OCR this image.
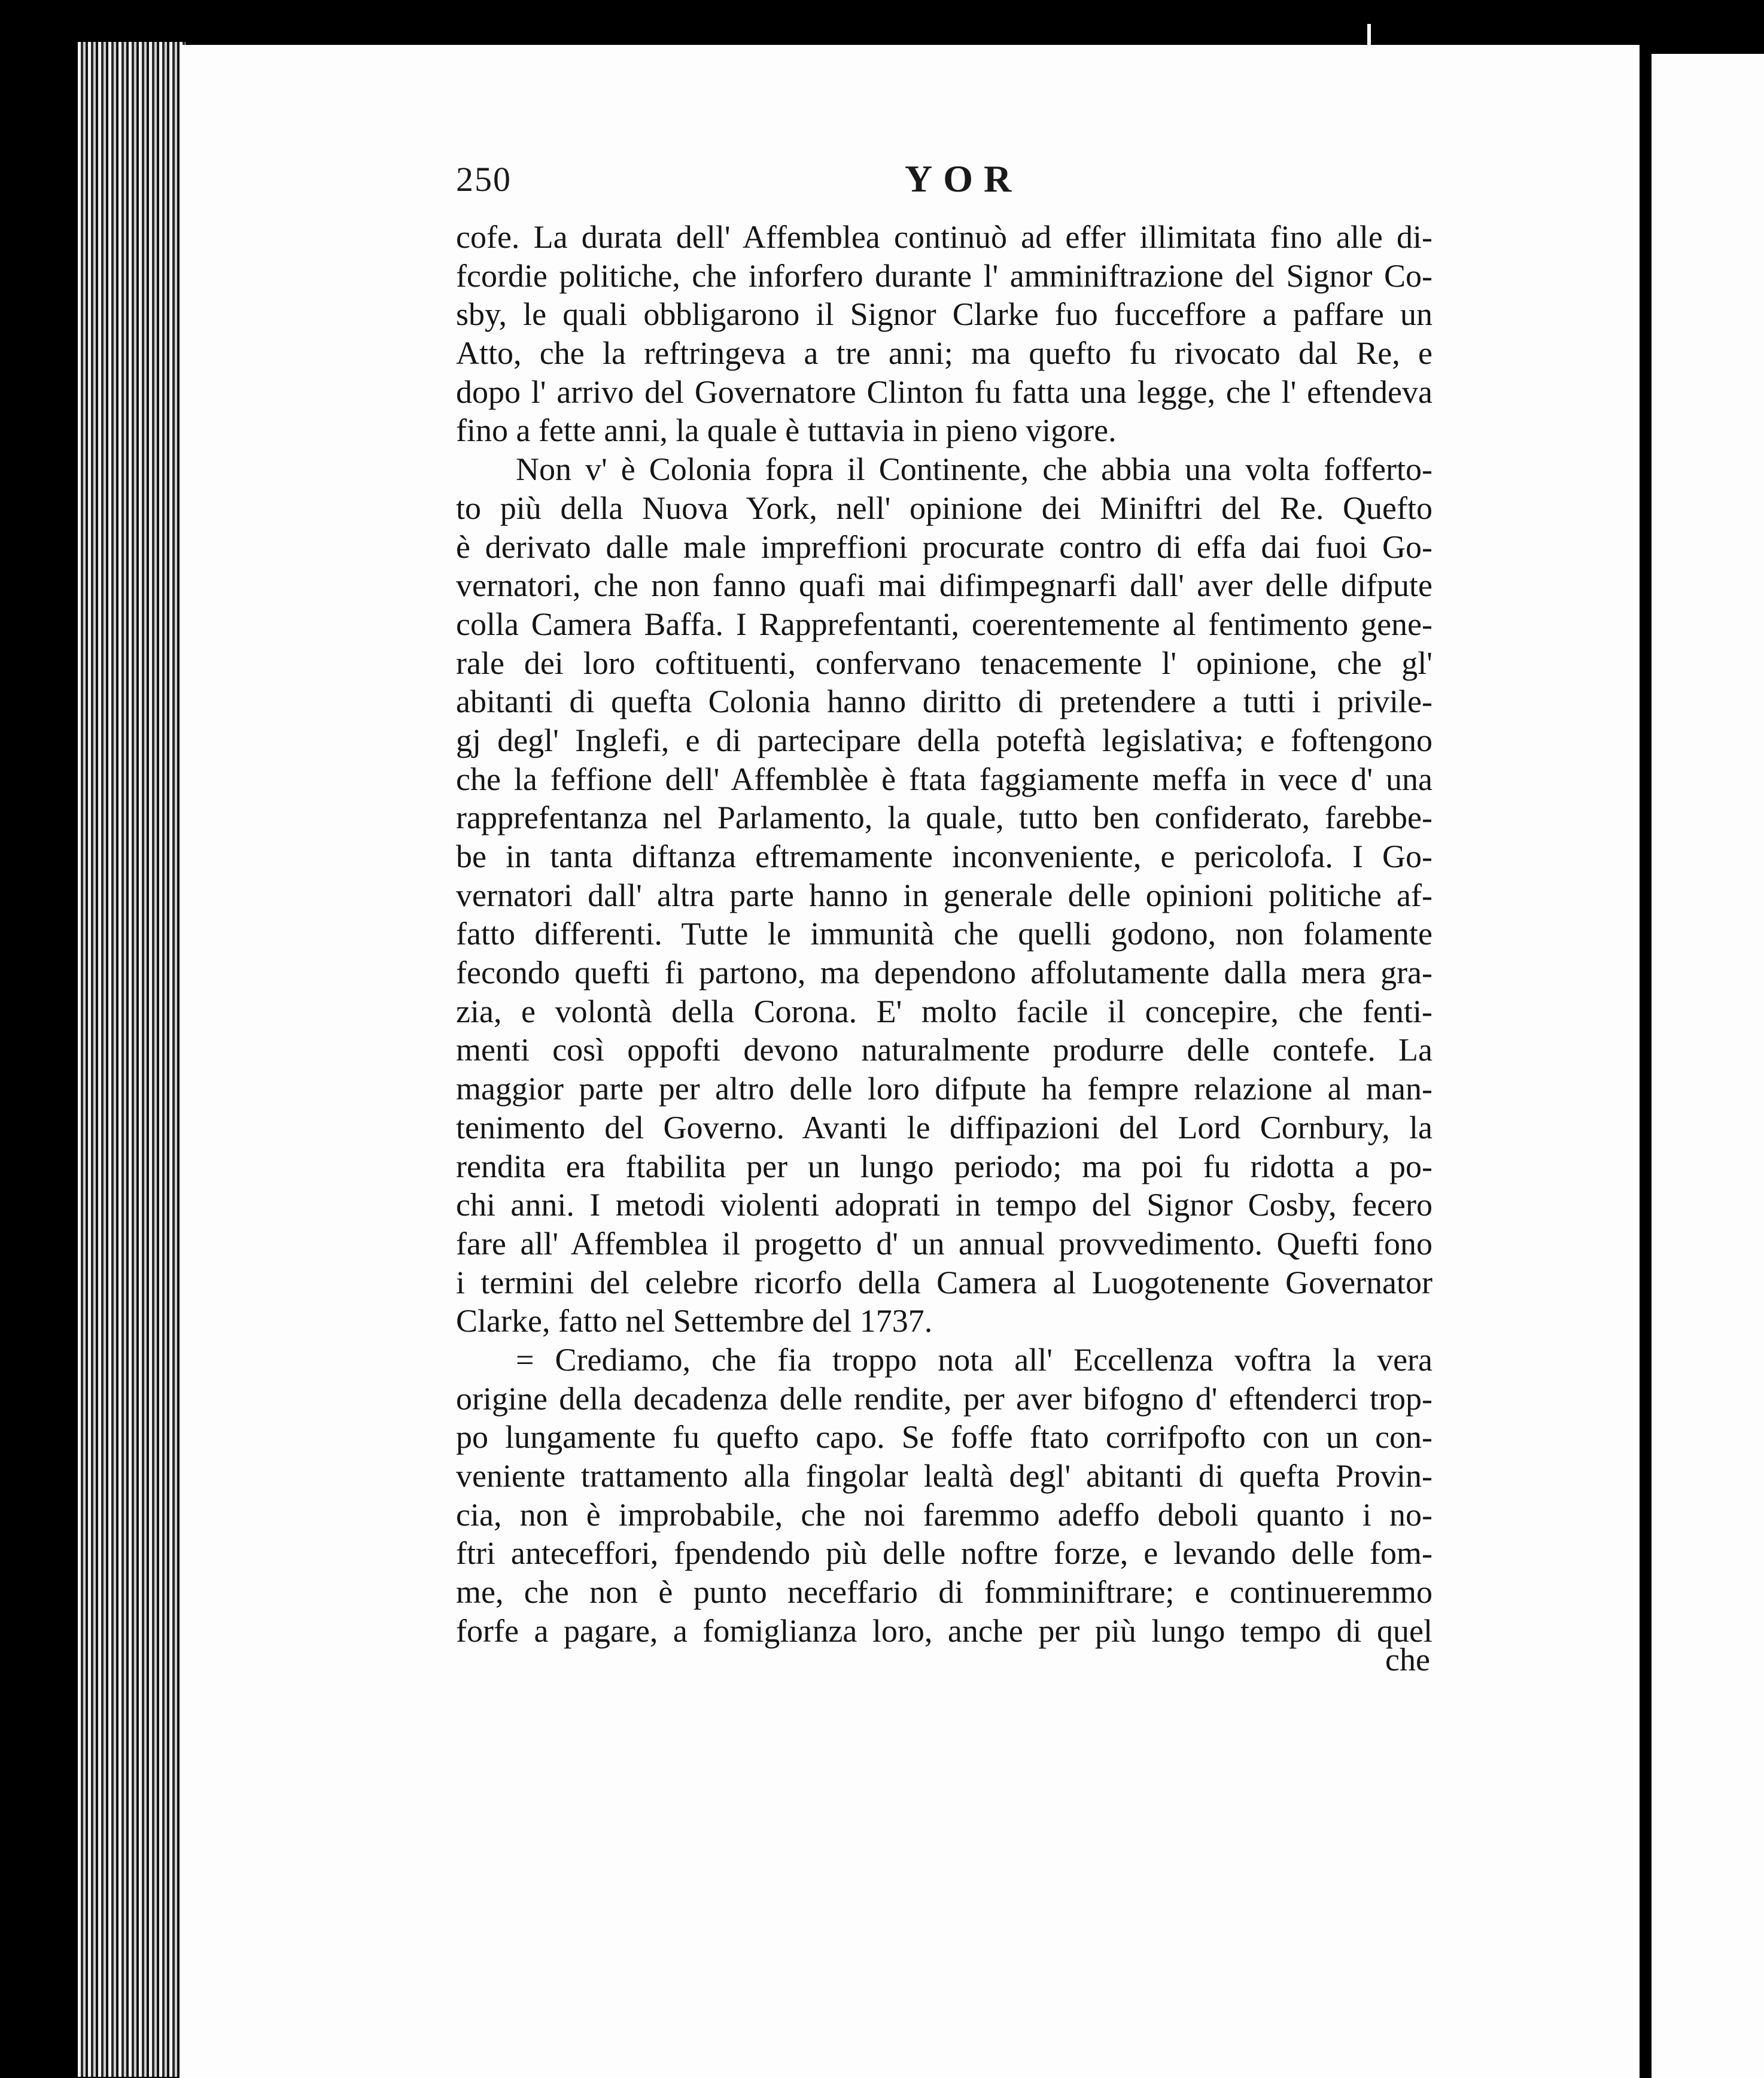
250	YOR
cofe. La durata dell' Affemblea continuò ad effer illimitata fino alle di-
fcordie politiche, che inforfero durante l' amminiftrazione del Signor Co-
sby, le quali obbligarono il Signor Clarke fuo fucceffore a paffare un
Atto, che la reftringeva a tre anni; ma quefto fu rivocato dal Re, e
dopo l' arrivo del Governatore Clinton fu fatta una legge, che l' eftendeva
fino a fette anni, la quale è tuttavia in pieno vigore.
Non v' è Colonia fopra il Continente, che abbia una volta fofferto-
to più della Nuova York, nell' opinione dei Miniftri del Re. Quefto
è derivato dalle male impreffioni procurate contro di effa dai fuoi Go-
vernatori, che non fanno quafi mai difimpegnarfi dall' aver delle difpute
colla Camera Baffa. I Rapprefentanti, coerentemente al fentimento gene-
rale dei loro coftituenti, confervano tenacemente l' opinione, che gl'
abitanti di quefta Colonia hanno diritto di pretendere a tutti i privile-
gj degl' Inglefi, e di partecipare della poteftà legislativa; e foftengono
che la feffione dell' Affemblèe è ftata faggiamente meffa in vece d' una
rapprefentanza nel Parlamento, la quale, tutto ben confiderato, farebbe-
be in tanta diftanza eftremamente inconveniente, e pericolofa. I Go-
vernatori dall' altra parte hanno in generale delle opinioni politiche af-
fatto differenti. Tutte le immunità che quelli godono, non folamente
fecondo quefti fi partono, ma dependono affolutamente dalla mera gra-
zia, e volontà della Corona. E' molto facile il concepire, che fenti-
menti così oppofti devono naturalmente produrre delle contefe. La
maggior parte per altro delle loro difpute ha fempre relazione al man-
tenimento del Governo. Avanti le diffipazioni del Lord Cornbury, la
rendita era ftabilita per un lungo periodo; ma poi fu ridotta a po-
chi anni. I metodi violenti adoprati in tempo del Signor Cosby, fecero
fare all' Affemblea il progetto d' un annual provvedimento. Quefti fono
i termini del celebre ricorfo della Camera al Luogotenente Governator
Clarke, fatto nel Settembre del 1737.
= Crediamo, che fia troppo nota all' Eccellenza voftra la vera
origine della decadenza delle rendite, per aver bifogno d' eftenderci trop-
po lungamente fu quefto capo. Se foffe ftato corrifpofto con un con-
veniente trattamento alla fingolar lealtà degl' abitanti di quefta Provin-
cia, non è improbabile, che noi faremmo adeffo deboli quanto i no-
ftri anteceffori, fpendendo più delle noftre forze, e levando delle fom-
me, che non è punto neceffario di fomminiftrare; e continueremmo
forfe a pagare, a fomiglianza loro, anche per più lungo tempo di quel
che
